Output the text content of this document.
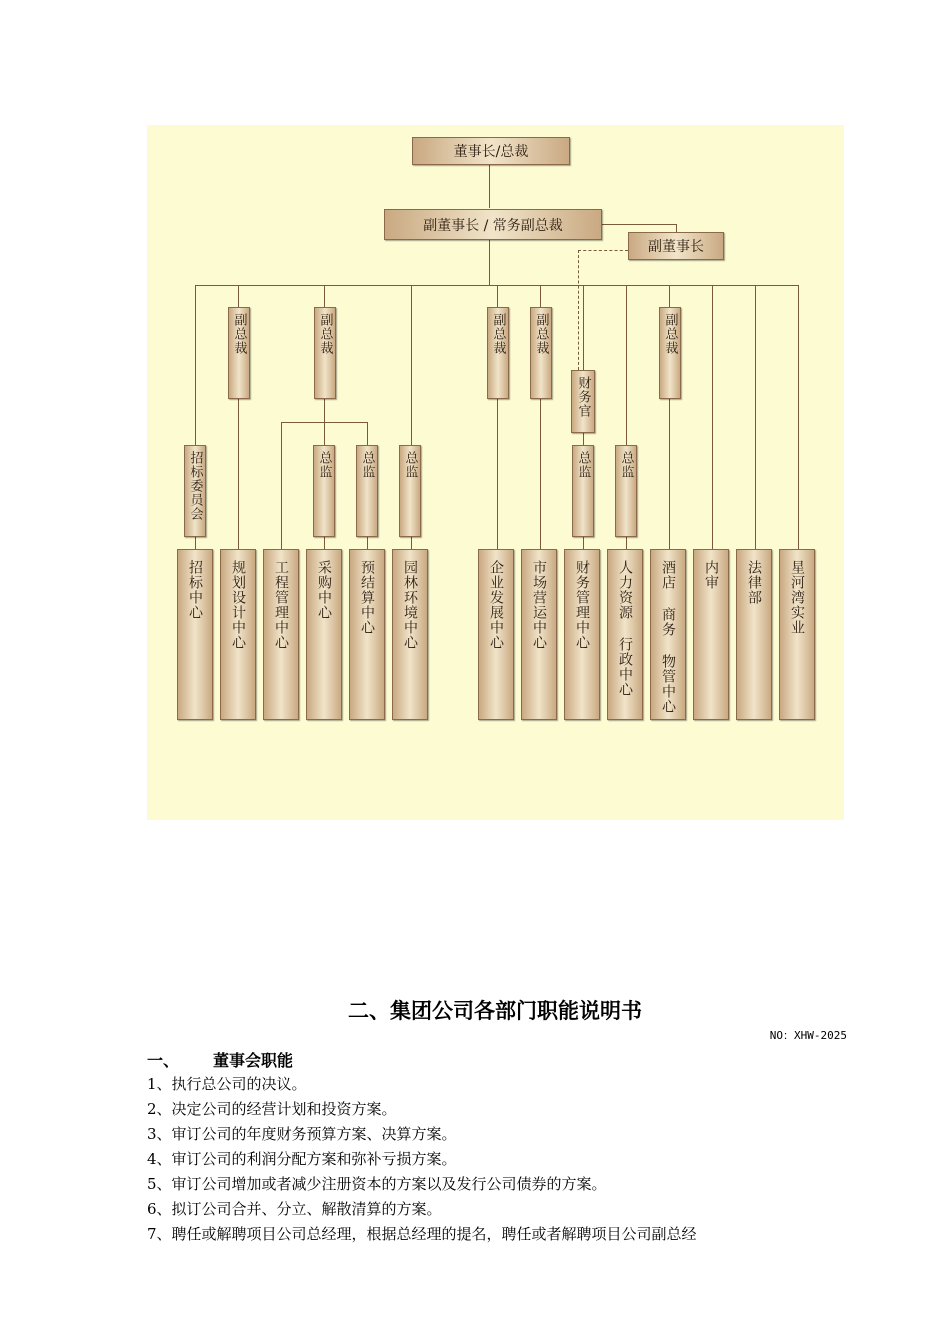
董事长/总裁
副董事长 / 常务副总裁
副董事长
副总裁	副总裁	副总裁 副总裁	副总裁
财务官
招标委员会	总监 总监 总监	总监 总监
招标中心	规划设计中心	工程管理中心	采购中心	预结算中心	园林环境中心	企业发展中心	市场营运中心	财务管理中心	人力资源 行政中心	酒店 商务 物管中心	内审	法律部	星河湾实业
二、集团公司各部门职能说明书
NO：XHW-2025
一、 董事会职能
1、执行总公司的决议。
2、决定公司的经营计划和投资方案。
3、审订公司的年度财务预算方案、决算方案。
4、审订公司的利润分配方案和弥补亏损方案。
5、审订公司增加或者减少注册资本的方案以及发行公司债券的方案。
6、拟订公司合并、分立、解散清算的方案。
7、聘任或解聘项目公司总经理，根据总经理的提名，聘任或者解聘项目公司副总经
